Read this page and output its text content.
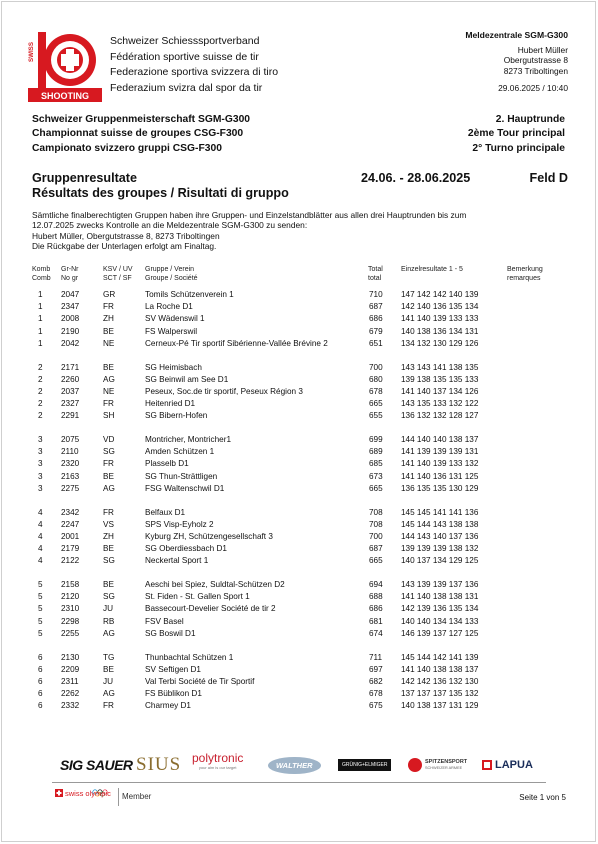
SWISS
SHOOTING
Schweizer Schiesssportverband
Fédération sportive suisse de tir
Federazione sportiva svizzera di tiro
Federazium svizra dal spor da tir
Meldezentrale SGM-G300
Hubert Müller
Obergutstrasse 8
8273 Triboltingen
29.06.2025 / 10:40
Schweizer Gruppenmeisterschaft SGM-G300
Championnat suisse de groupes CSG-F300
Campionato svizzero gruppi CSG-F300
2. Hauptrunde
2ème Tour principal
2° Turno principale
Gruppenresultate
Résultats des groupes / Risultati di gruppo
24.06. - 28.06.2025	Feld D
Sämtliche finalberechtigten Gruppen haben ihre Gruppen- und Einzelstandblätter aus allen drei Hauptrunden bis zum
12.07.2025 zwecks Kontrolle an die Meldezentrale SGM-G300 zu senden:
Hubert Müller, Obergutstrasse 8, 8273 Triboltingen
Die Rückgabe der Unterlagen erfolgt am Finaltag.
Komb
Comb
Gr-Nr
No gr
KSV / UV
SCT / SF
Gruppe / Verein
Groupe / Société
Total
total
Einzelresultate 1 - 5	Bemerkung
remarques
1 2047	GR	Tomils Schützenverein 1	710 147 142 142 140 139
1 2347	FR	La Roche D1	687 142 140 136 135 134
1 2008	ZH	SV Wädenswil 1	686 141 140 139 133 133
1 2190	BE	FS Walperswil	679 140 138 136 134 131
1 2042	NE	Cerneux-Pé Tir sportif Sibérienne-Vallée Brévine 2	651 134 132 130 129 126
2 2171	BE	SG Heimisbach	700 143 143 141 138 135
2 2260	AG	SG Beinwil am See D1	680 139 138 135 135 133
2 2037	NE	Peseux, Soc.de tir sportif, Peseux Région 3	678 141 140 137 134 126
2 2327	FR	Heitenried D1	665 143 135 133 132 122
2 2291	SH	SG Bibern-Hofen	655 136 132 132 128 127
3 2075	VD	Montricher, Montricher1	699 144 140 140 138 137
3 2110	SG	Amden Schützen 1	689 141 139 139 139 131
3 2320	FR	Plasselb D1	685 141 140 139 133 132
3 2163	BE	SG Thun-Strättligen	673 141 140 136 131 125
3 2275	AG	FSG Waltenschwil D1	665 136 135 135 130 129
4 2342	FR	Belfaux D1	708 145 145 141 141 136
4 2247	VS	SPS Visp-Eyholz 2	708 145 144 143 138 138
4 2001	ZH	Kyburg ZH, Schützengesellschaft 3	700 144 143 140 137 136
4 2179	BE	SG Oberdiessbach D1	687 139 139 139 138 132
4 2122	SG	Neckertal Sport 1	665 140 137 134 129 125
5 2158	BE	Aeschi bei Spiez, Suldtal-Schützen D2	694 143 139 139 137 136
5 2120	SG	St. Fiden - St. Gallen Sport 1	688 141 140 138 138 131
5 2310	JU	Bassecourt-Develier Société de tir 2	686 142 139 136 135 134
5 2298	RB	FSV Basel	681 140 140 134 134 133
5 2255	AG	SG Boswil D1	674 146 139 137 127 125
6 2130	TG	Thunbachtal Schützen 1	711 145 144 142 141 139
6 2209	BE	SV Seftigen D1	697 141 140 138 138 137
6 2311	JU	Val Terbi Société de Tir Sportif	682 142 142 136 132 130
6 2262	AG	FS Büblikon D1	678 137 137 137 135 132
6 2332	FR	Charmey D1	675 140 138 137 131 129
SIG SAUER SIUS polytronic
your aim is our target	WALTHER	GRÜNIG+ELMIGER	SPITZENSPORT
SCHWEIZER ARMEE	LAPUA
swiss olympic Member	Seite 1 von 5
